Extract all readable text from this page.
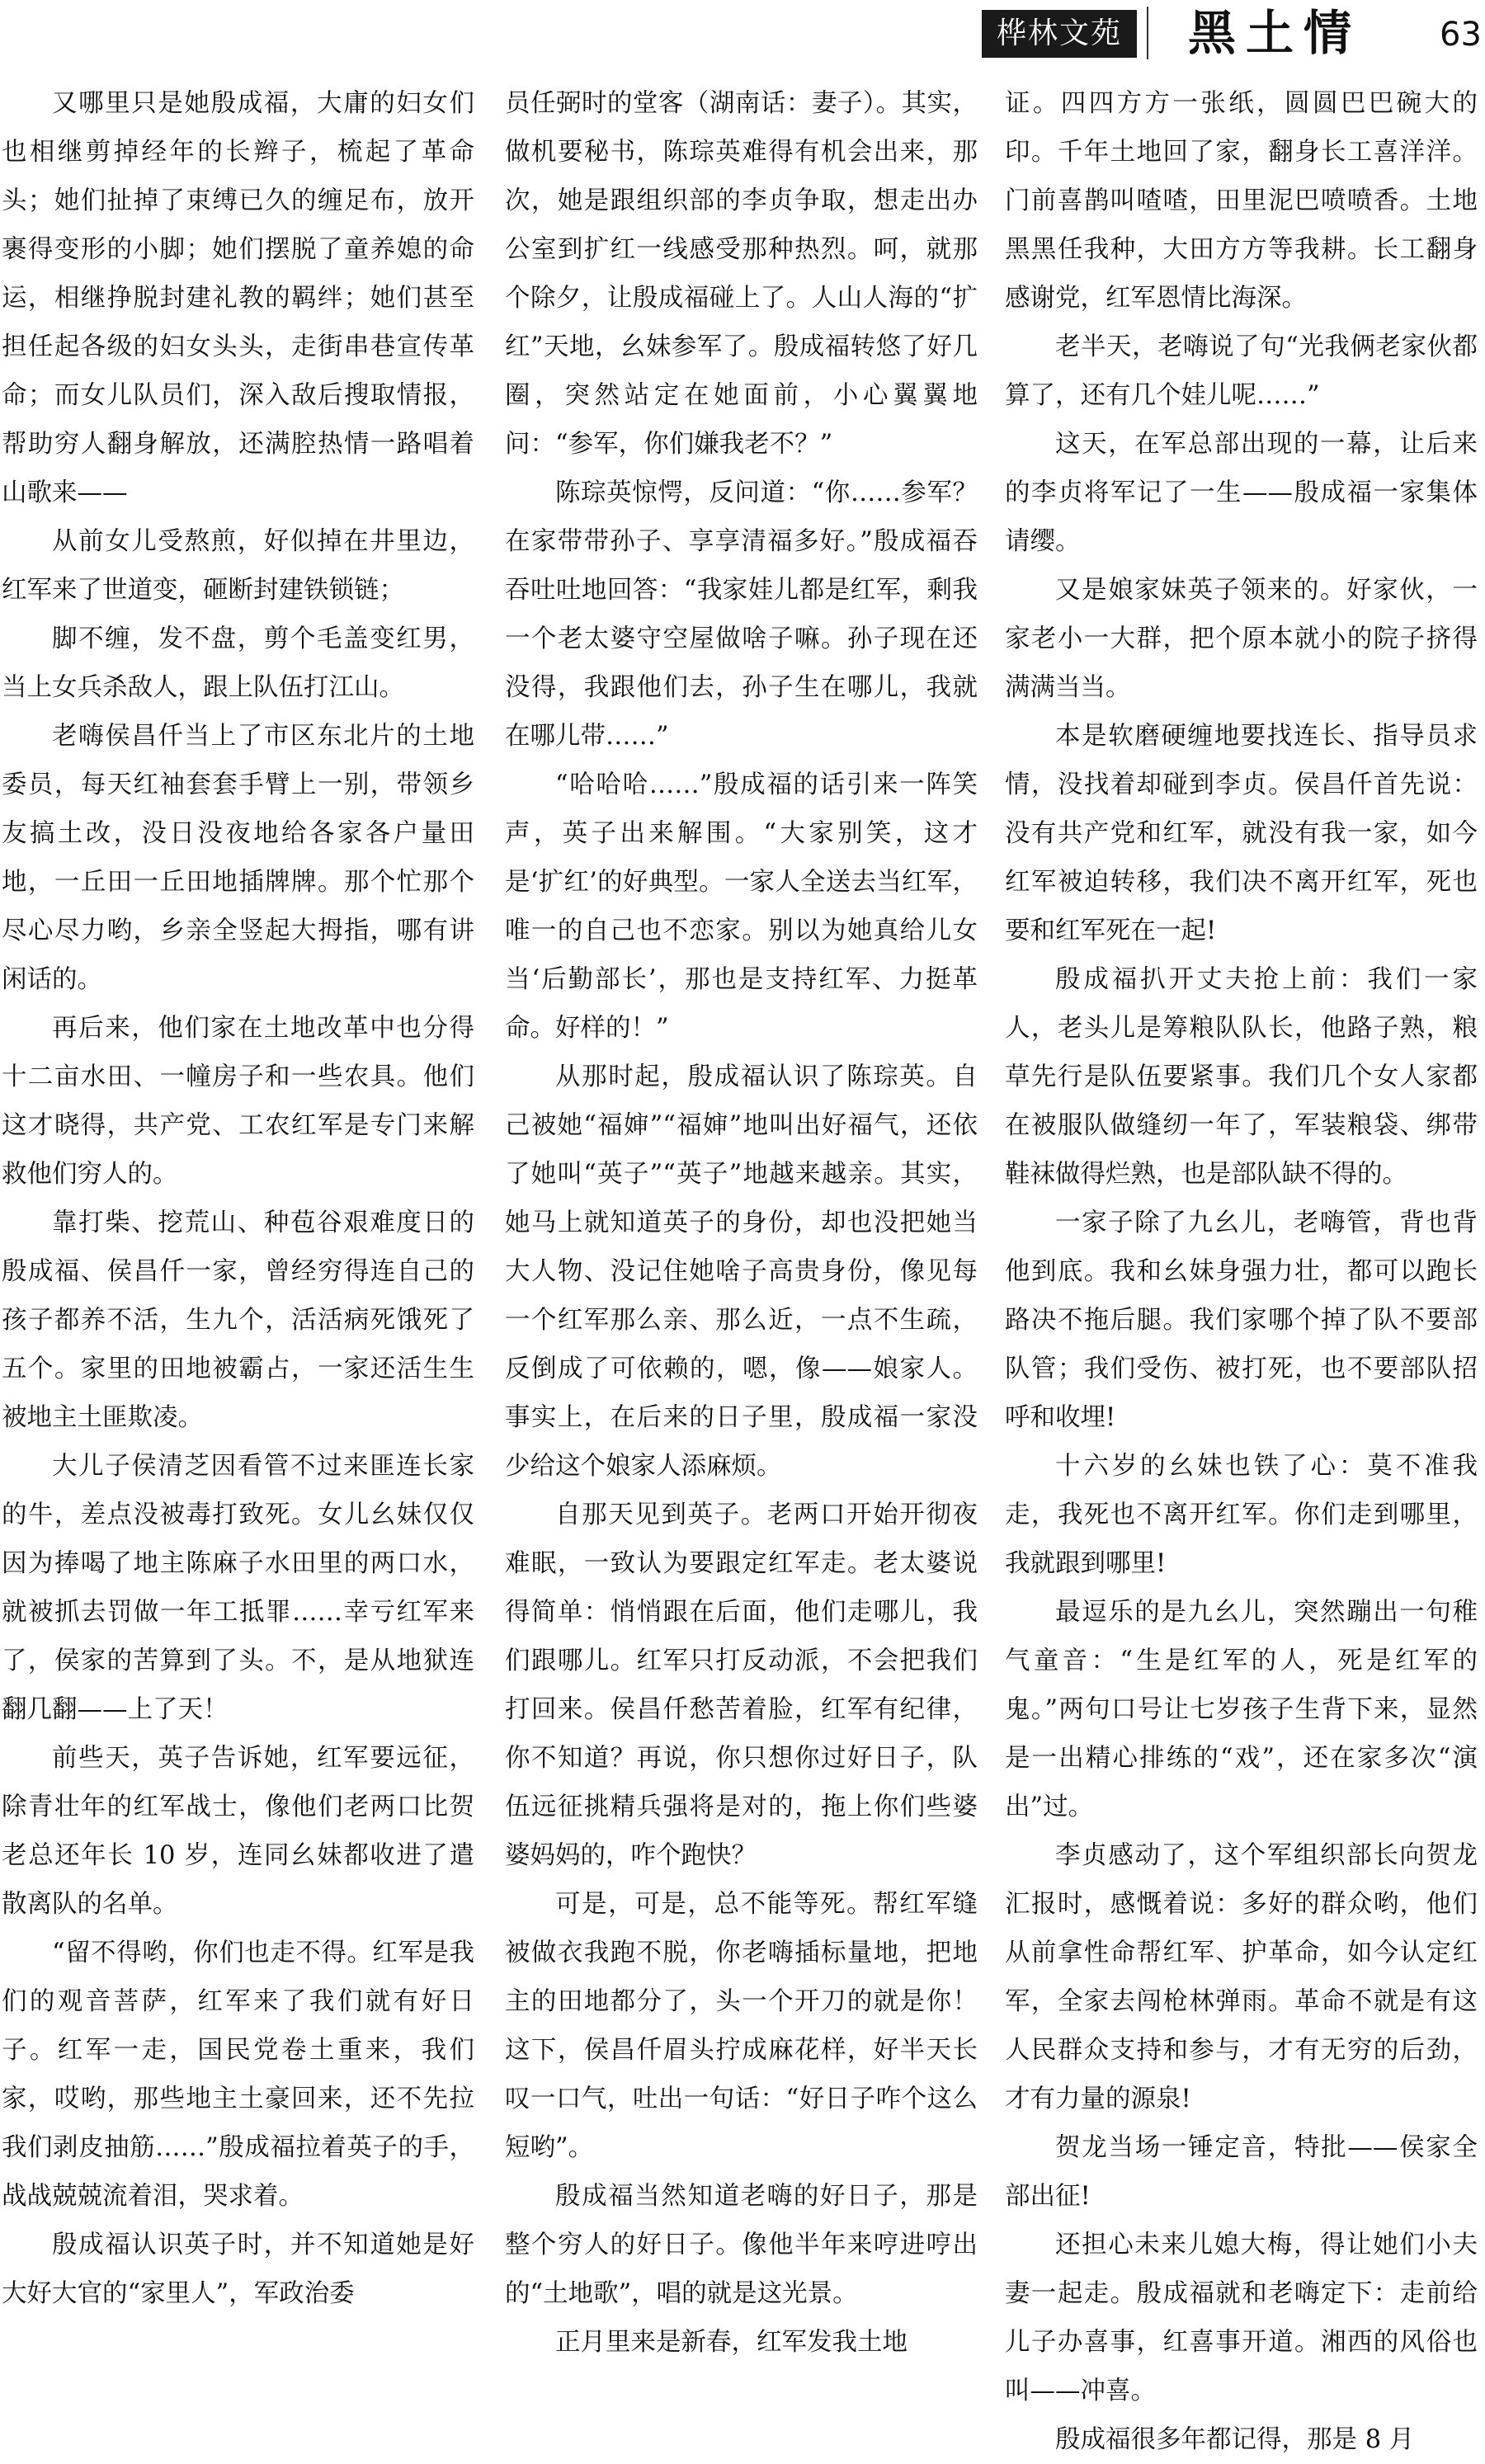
桦林文苑	黑土情 63

又哪里只是她殷成福，大庸的妇女们也相继剪掉经年的长辫子，梳起了革命头；她们扯掉了束缚已久的缠足布，放开裹得变形的小脚；她们摆脱了童养媳的命运，相继挣脱封建礼教的羁绊；她们甚至担任起各级的妇女头头，走街串巷宣传革命；而女儿队员们，深入敌后搜取情报，帮助穷人翻身解放，还满腔热情一路唱着山歌来——

从前女儿受熬煎，好似掉在井里边，红军来了世道变，砸断封建铁锁链；

脚不缠，发不盘，剪个毛盖变红男，当上女兵杀敌人，跟上队伍打江山。

老嗨侯昌仟当上了市区东北片的土地委员，每天红袖套套手臂上一别，带领乡友搞土改，没日没夜地给各家各户量田地，一丘田一丘田地插牌牌。那个忙那个尽心尽力哟，乡亲全竖起大拇指，哪有讲闲话的。

再后来，他们家在土地改革中也分得十二亩水田、一幢房子和一些农具。他们这才晓得，共产党、工农红军是专门来解救他们穷人的。

靠打柴、挖荒山、种苞谷艰难度日的殷成福、侯昌仟一家，曾经穷得连自己的孩子都养不活，生九个，活活病死饿死了五个。家里的田地被霸占，一家还活生生被地主土匪欺凌。

大儿子侯清芝因看管不过来匪连长家的牛，差点没被毒打致死。女儿幺妹仅仅因为捧喝了地主陈麻子水田里的两口水，就被抓去罚做一年工抵罪……幸亏红军来了，侯家的苦算到了头。不，是从地狱连翻几翻——上了天！

前些天，英子告诉她，红军要远征，除青壮年的红军战士，像他们老两口比贺老总还年长 10 岁，连同幺妹都收进了遣散离队的名单。

“留不得哟，你们也走不得。红军是我们的观音菩萨，红军来了我们就有好日子。红军一走，国民党卷土重来，我们家，哎哟，那些地主土豪回来，还不先拉我们剥皮抽筋……”殷成福拉着英子的手，战战兢兢流着泪，哭求着。

殷成福认识英子时，并不知道她是好大好大官的“家里人”，军政治委

员任弼时的堂客（湖南话：妻子）。其实，做机要秘书，陈琮英难得有机会出来，那次，她是跟组织部的李贞争取，想走出办公室到扩红一线感受那种热烈。呵，就那个除夕，让殷成福碰上了。人山人海的“扩红”天地，幺妹参军了。殷成福转悠了好几圈，突然站定在她面前，小心翼翼地问：“参军，你们嫌我老不？”

陈琮英惊愕，反问道：“你……参军？在家带带孙子、享享清福多好。”殷成福吞吞吐吐地回答：“我家娃儿都是红军，剩我一个老太婆守空屋做啥子嘛。孙子现在还没得，我跟他们去，孙子生在哪儿，我就在哪儿带……”

“哈哈哈……”殷成福的话引来一阵笑声，英子出来解围。“大家别笑，这才是‘扩红’的好典型。一家人全送去当红军，唯一的自己也不恋家。别以为她真给儿女当‘后勤部长’，那也是支持红军、力挺革命。好样的！”

从那时起，殷成福认识了陈琮英。自己被她“福婶”“福婶”地叫出好福气，还依了她叫“英子”“英子”地越来越亲。其实，她马上就知道英子的身份，却也没把她当大人物、没记住她啥子高贵身份，像见每一个红军那么亲、那么近，一点不生疏，反倒成了可依赖的，嗯，像——娘家人。事实上，在后来的日子里，殷成福一家没少给这个娘家人添麻烦。

自那天见到英子。老两口开始开彻夜难眠，一致认为要跟定红军走。老太婆说得简单：悄悄跟在后面，他们走哪儿，我们跟哪儿。红军只打反动派，不会把我们打回来。侯昌仟愁苦着脸，红军有纪律，你不知道？再说，你只想你过好日子，队伍远征挑精兵强将是对的，拖上你们些婆婆妈妈的，咋个跑快？

可是，可是，总不能等死。帮红军缝被做衣我跑不脱，你老嗨插标量地，把地主的田地都分了，头一个开刀的就是你！这下，侯昌仟眉头拧成麻花样，好半天长叹一口气，吐出一句话：“好日子咋个这么短哟”。

殷成福当然知道老嗨的好日子，那是整个穷人的好日子。像他半年来哼进哼出的“土地歌”，唱的就是这光景。

正月里来是新春，红军发我土地

证。四四方方一张纸，圆圆巴巴碗大的印。千年土地回了家，翻身长工喜洋洋。门前喜鹊叫喳喳，田里泥巴喷喷香。土地黑黑任我种，大田方方等我耕。长工翻身感谢党，红军恩情比海深。

老半天，老嗨说了句“光我俩老家伙都算了，还有几个娃儿呢……”

这天，在军总部出现的一幕，让后来的李贞将军记了一生——殷成福一家集体请缨。

又是娘家妹英子领来的。好家伙，一家老小一大群，把个原本就小的院子挤得满满当当。

本是软磨硬缠地要找连长、指导员求情，没找着却碰到李贞。侯昌仟首先说：没有共产党和红军，就没有我一家，如今红军被迫转移，我们决不离开红军，死也要和红军死在一起!

殷成福扒开丈夫抢上前：我们一家人，老头儿是筹粮队队长，他路子熟，粮草先行是队伍要紧事。我们几个女人家都在被服队做缝纫一年了，军装粮袋、绑带鞋袜做得烂熟，也是部队缺不得的。

一家子除了九幺儿，老嗨管，背也背他到底。我和幺妹身强力壮，都可以跑长路决不拖后腿。我们家哪个掉了队不要部队管；我们受伤、被打死，也不要部队招呼和收埋!

十六岁的幺妹也铁了心：莫不准我走，我死也不离开红军。你们走到哪里，我就跟到哪里!

最逗乐的是九幺儿，突然蹦出一句稚气童音：“生是红军的人，死是红军的鬼。”两句口号让七岁孩子生背下来，显然是一出精心排练的“戏”，还在家多次“演出”过。

李贞感动了，这个军组织部长向贺龙汇报时，感慨着说：多好的群众哟，他们从前拿性命帮红军、护革命，如今认定红军，全家去闯枪林弹雨。革命不就是有这人民群众支持和参与，才有无穷的后劲，才有力量的源泉!

贺龙当场一锤定音，特批——侯家全部出征!

还担心未来儿媳大梅，得让她们小夫妻一起走。殷成福就和老嗨定下：走前给儿子办喜事，红喜事开道。湘西的风俗也叫——冲喜。

殷成福很多年都记得，那是 8 月
